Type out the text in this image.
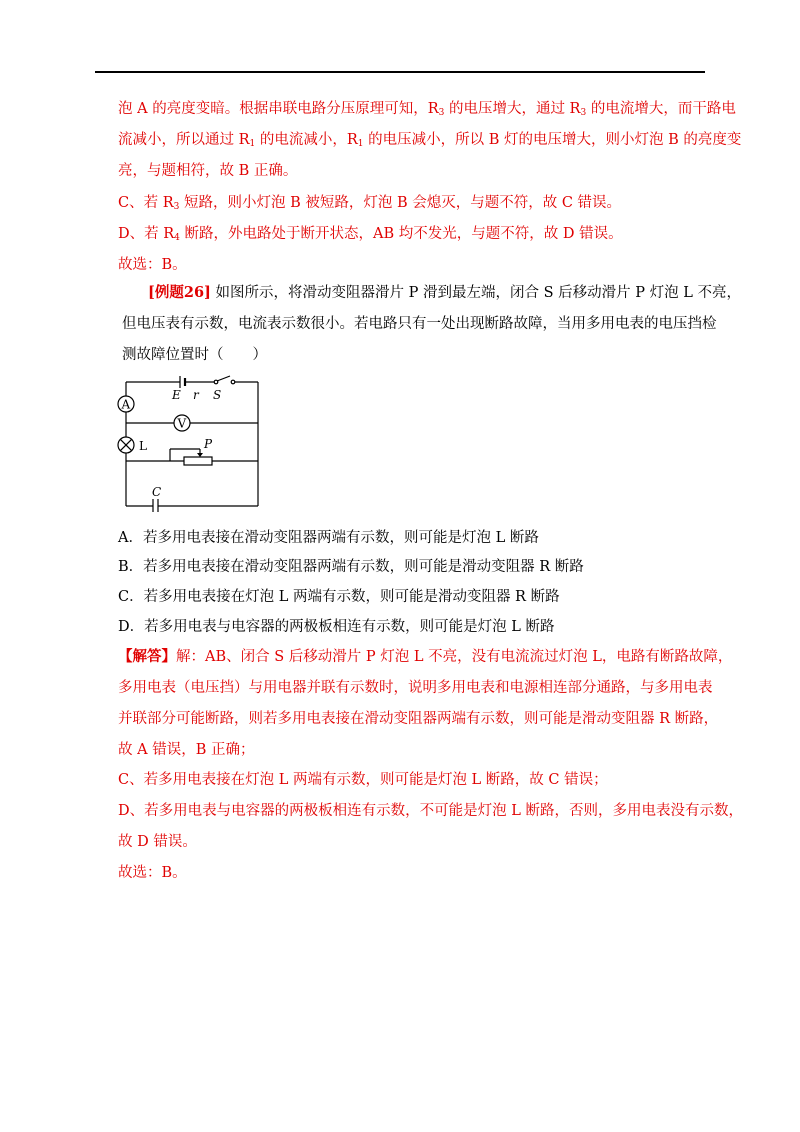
泡 A 的亮度变暗。根据串联电路分压原理可知，$R_3$ 的电压增大，通过 $R_3$ 的电流增大，而干路电
流减小，所以通过 $R_1$ 的电流减小，$R_1$ 的电压减小，所以 B 灯的电压增大，则小灯泡 B 的亮度变
亮，与题相符，故 B 正确。
C、若 $R_3$ 短路，则小灯泡 B 被短路，灯泡 B 会熄灭，与题不符，故 C 错误。
D、若 $R_4$ 断路，外电路处于断开状态，AB 均不发光，与题不符，故 D 错误。
故选：B。
[例题26] 如图所示，将滑动变阻器滑片 P 滑到最左端，闭合 S 后移动滑片 P 灯泡 L 不亮，
但电压表有示数，电流表示数很小。若电路只有一处出现断路故障，当用多用电表的电压挡检
测故障位置时（　　）
E r S
A
L
V
P
C
A．若多用电表接在滑动变阻器两端有示数，则可能是灯泡 L 断路
B．若多用电表接在滑动变阻器两端有示数，则可能是滑动变阻器 R 断路
C．若多用电表接在灯泡 L 两端有示数，则可能是滑动变阻器 R 断路
D．若多用电表与电容器的两极板相连有示数，则可能是灯泡 L 断路
【解答】解：AB、闭合 S 后移动滑片 P 灯泡 L 不亮，没有电流流过灯泡 L，电路有断路故障，
多用电表（电压挡）与用电器并联有示数时，说明多用电表和电源相连部分通路，与多用电表
并联部分可能断路，则若多用电表接在滑动变阻器两端有示数，则可能是滑动变阻器 R 断路，
故 A 错误，B 正确；
C、若多用电表接在灯泡 L 两端有示数，则可能是灯泡 L 断路，故 C 错误；
D、若多用电表与电容器的两极板相连有示数，不可能是灯泡 L 断路，否则，多用电表没有示数，
故 D 错误。
故选：B。
